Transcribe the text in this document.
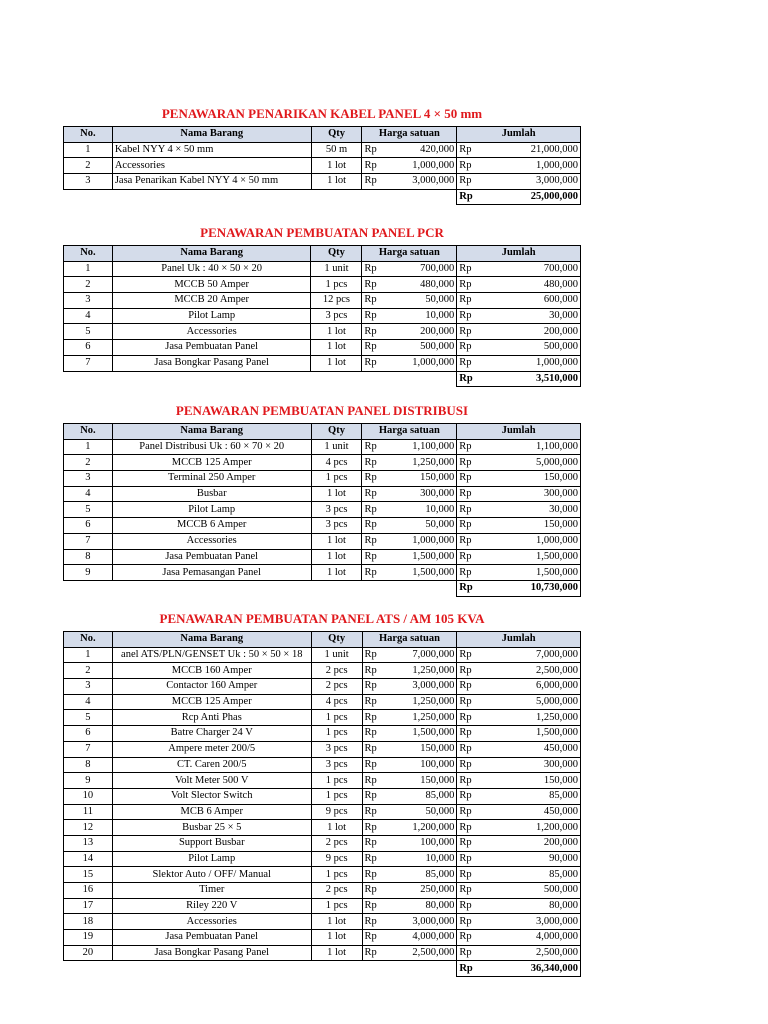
PENAWARAN PENARIKAN KABEL PANEL 4 × 50 mm
No.	Nama Barang	Qty	Harga satuan		Jumlah	
1	Kabel NYY 4 × 50 mm	50 m	Rp	420,000	Rp	21,000,000
2	Accessories	1 lot	Rp	1,000,000	Rp	1,000,000
3	Jasa Penarikan Kabel NYY 4 × 50 mm	1 lot	Rp	3,000,000	Rp	3,000,000
					Rp	25,000,000
PENAWARAN PEMBUATAN PANEL PCR
No.	Nama Barang	Qty	Harga satuan		Jumlah	
1	Panel Uk : 40 × 50 × 20	1 unit	Rp	700,000	Rp	700,000
2	MCCB 50 Amper	1 pcs	Rp	480,000	Rp	480,000
3	MCCB 20 Amper	12 pcs	Rp	50,000	Rp	600,000
4	Pilot Lamp	3 pcs	Rp	10,000	Rp	30,000
5	Accessories	1 lot	Rp	200,000	Rp	200,000
6	Jasa Pembuatan Panel	1 lot	Rp	500,000	Rp	500,000
7	Jasa Bongkar Pasang Panel	1 lot	Rp	1,000,000	Rp	1,000,000
					Rp	3,510,000
PENAWARAN PEMBUATAN PANEL DISTRIBUSI
No.	Nama Barang	Qty	Harga satuan		Jumlah	
1	Panel Distribusi Uk : 60 × 70 × 20	1 unit	Rp	1,100,000	Rp	1,100,000
2	MCCB 125 Amper	4 pcs	Rp	1,250,000	Rp	5,000,000
3	Terminal 250 Amper	1 pcs	Rp	150,000	Rp	150,000
4	Busbar	1 lot	Rp	300,000	Rp	300,000
5	Pilot Lamp	3 pcs	Rp	10,000	Rp	30,000
6	MCCB 6 Amper	3 pcs	Rp	50,000	Rp	150,000
7	Accessories	1 lot	Rp	1,000,000	Rp	1,000,000
8	Jasa Pembuatan Panel	1 lot	Rp	1,500,000	Rp	1,500,000
9	Jasa Pemasangan Panel	1 lot	Rp	1,500,000	Rp	1,500,000
					Rp	10,730,000
PENAWARAN PEMBUATAN PANEL ATS / AM 105 KVA
No.	Nama Barang	Qty	Harga satuan		Jumlah	
1	anel ATS/PLN/GENSET Uk : 50 × 50 × 18	1 unit	Rp	7,000,000	Rp	7,000,000
2	MCCB 160 Amper	2 pcs	Rp	1,250,000	Rp	2,500,000
3	Contactor 160 Amper	2 pcs	Rp	3,000,000	Rp	6,000,000
4	MCCB 125 Amper	4 pcs	Rp	1,250,000	Rp	5,000,000
5	Rcp Anti Phas	1 pcs	Rp	1,250,000	Rp	1,250,000
6	Batre Charger 24 V	1 pcs	Rp	1,500,000	Rp	1,500,000
7	Ampere meter 200/5	3 pcs	Rp	150,000	Rp	450,000
8	CT. Caren 200/5	3 pcs	Rp	100,000	Rp	300,000
9	Volt Meter 500 V	1 pcs	Rp	150,000	Rp	150,000
10	Volt Slector Switch	1 pcs	Rp	85,000	Rp	85,000
11	MCB 6 Amper	9 pcs	Rp	50,000	Rp	450,000
12	Busbar 25 × 5	1 lot	Rp	1,200,000	Rp	1,200,000
13	Support Busbar	2 pcs	Rp	100,000	Rp	200,000
14	Pilot Lamp	9 pcs	Rp	10,000	Rp	90,000
15	Slektor Auto / OFF/ Manual	1 pcs	Rp	85,000	Rp	85,000
16	Timer	2 pcs	Rp	250,000	Rp	500,000
17	Riley 220 V	1 pcs	Rp	80,000	Rp	80,000
18	Accessories	1 lot	Rp	3,000,000	Rp	3,000,000
19	Jasa Pembuatan Panel	1 lot	Rp	4,000,000	Rp	4,000,000
20	Jasa Bongkar Pasang Panel	1 lot	Rp	2,500,000	Rp	2,500,000
					Rp	36,340,000
